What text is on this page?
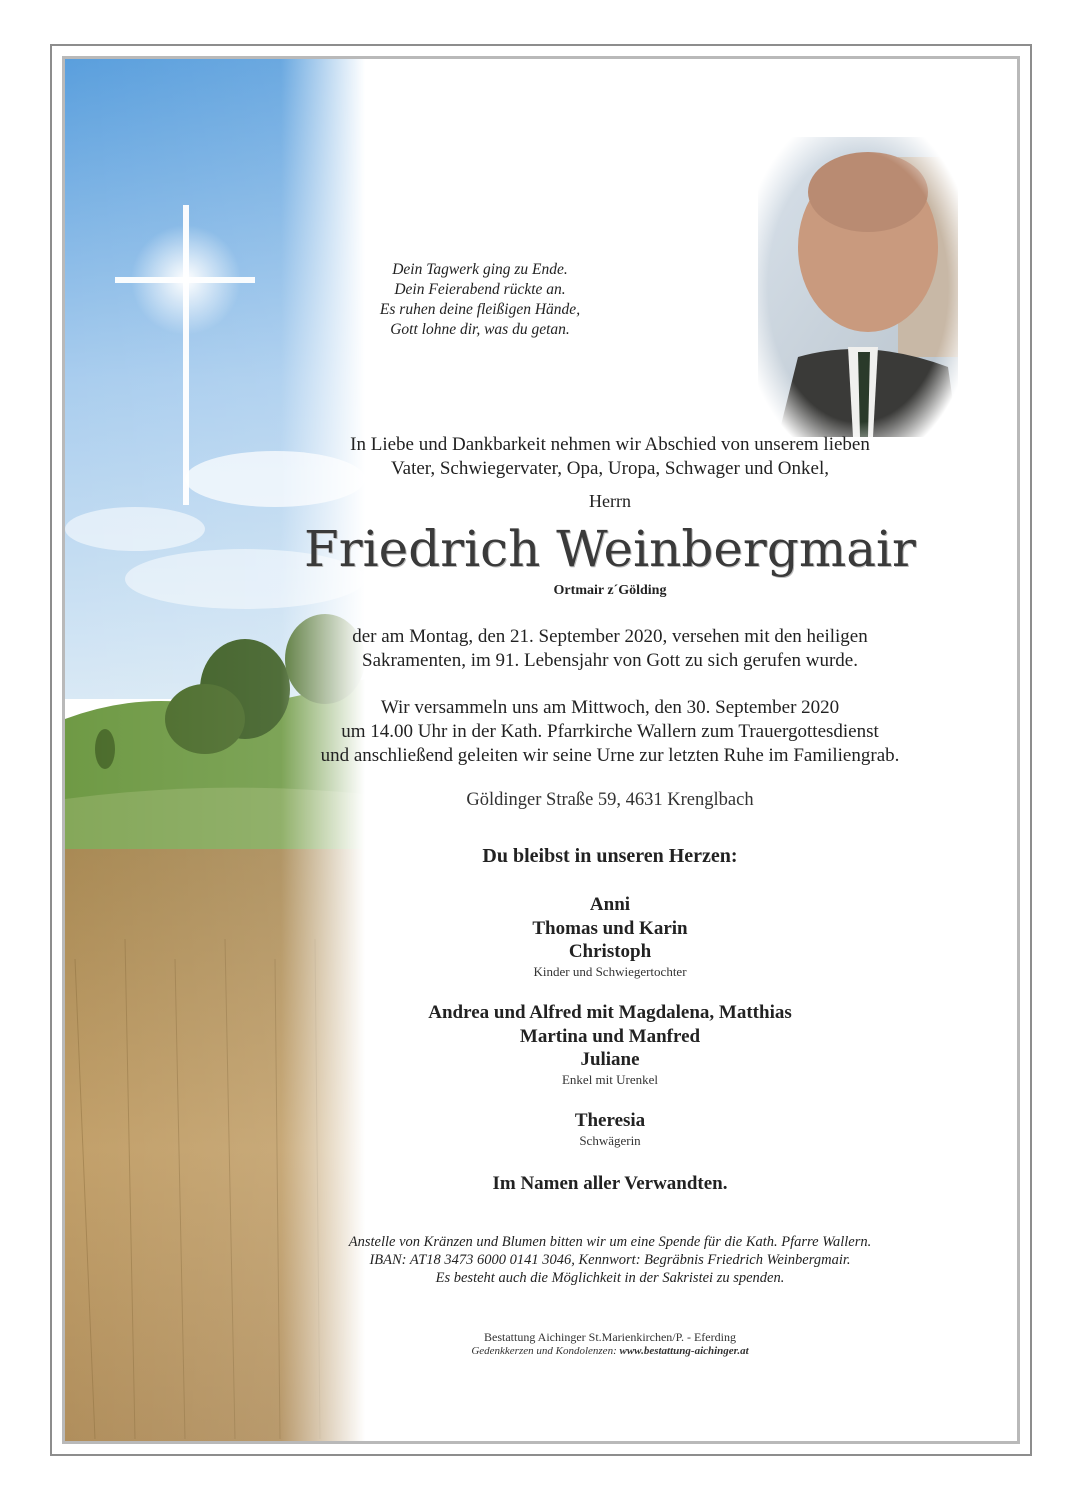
Dein Tagwerk ging zu Ende.
Dein Feierabend rückte an.
Es ruhen deine fleißigen Hände,
Gott lohne dir, was du getan.
In Liebe und Dankbarkeit nehmen wir Abschied von unserem lieben
Vater, Schwiegervater, Opa, Uropa, Schwager und Onkel,
Herrn
Friedrich Weinbergmair
Ortmair z´Gölding
der am Montag, den 21. September 2020, versehen mit den heiligen
Sakramenten, im 91. Lebensjahr von Gott zu sich gerufen wurde.
Wir versammeln uns am Mittwoch, den 30. September 2020
um 14.00 Uhr in der Kath. Pfarrkirche Wallern zum Trauergottesdienst
und anschließend geleiten wir seine Urne zur letzten Ruhe im Familiengrab.
Göldinger Straße 59, 4631 Krenglbach
Du bleibst in unseren Herzen:
Anni
Thomas und Karin
Christoph
Kinder und Schwiegertochter
Andrea und Alfred mit Magdalena, Matthias
Martina und Manfred
Juliane
Enkel mit Urenkel
Theresia
Schwägerin
Im Namen aller Verwandten.
Anstelle von Kränzen und Blumen bitten wir um eine Spende für die Kath. Pfarre Wallern.
IBAN: AT18 3473 6000 0141 3046, Kennwort: Begräbnis Friedrich Weinbergmair.
Es besteht auch die Möglichkeit in der Sakristei zu spenden.
Bestattung Aichinger St.Marienkirchen/P. - Eferding
Gedenkkerzen und Kondolenzen: www.bestattung-aichinger.at
